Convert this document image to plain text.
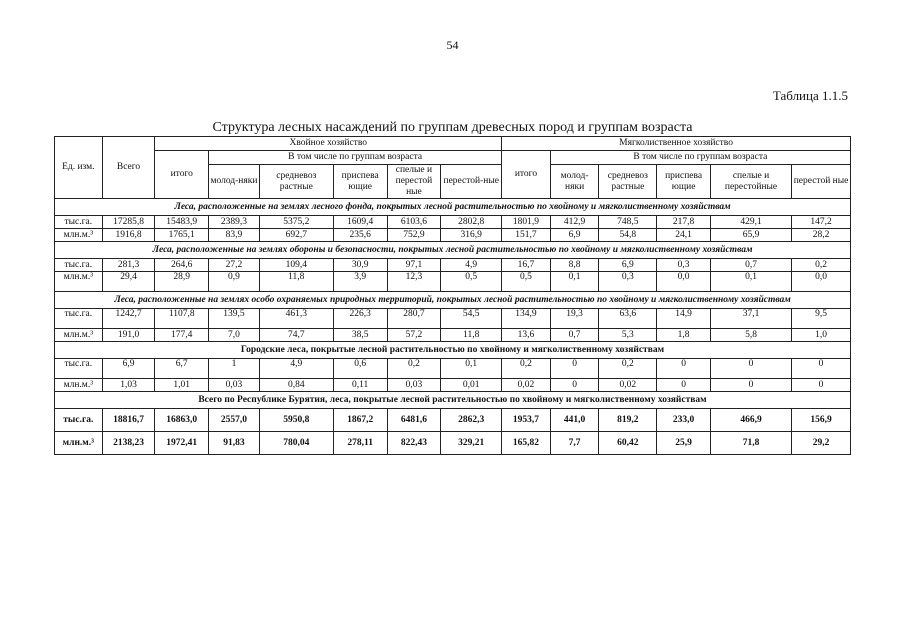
54
Таблица 1.1.5
Структура лесных насаждений по группам древесных пород и группам возраста
Ед. изм.	Всего	Хвойное хозяйство						Мягколиственное хозяйство					
		итого	В том числе по группам возраста					итого	В том числе по группам возраста				
			молод-няки	средневоз растные	приспева ющие	спелые и перестой ные	перестой-ные		молод-няки	средневоз растные	приспева ющие	спелые и перестойные	перестой ные
Леса, расположенные на землях лесного фонда, покрытых лесной растительностью по хвойному и мягколиственному хозяйствам													
тыс.га.	17285,8	15483,9	2389,3	5375,2	1609,4	6103,6	2802,8	1801,9	412,9	748,5	217,8	429,1	147,2
млн.м.³	1916,8	1765,1	83,9	692,7	235,6	752,9	316,9	151,7	6,9	54,8	24,1	65,9	28,2
Леса, расположенные на землях обороны и безопасности, покрытых лесной растительностью по хвойному и мягколиственному хозяйствам													
тыс.га.	281,3	264,6	27,2	109,4	30,9	97,1	4,9	16,7	8,8	6,9	0,3	0,7	0,2
млн.м.³	29,4	28,9	0,9	11,8	3,9	12,3	0,5	0,5	0,1	0,3	0,0	0,1	0,0
Леса, расположенные на землях особо охраняемых природных территорий, покрытых лесной растительностью по хвойному и мягколиственному хозяйствам													
тыс.га.	1242,7	1107,8	139,5	461,3	226,3	280,7	54,5	134,9	19,3	63,6	14,9	37,1	9,5
млн.м.³	191,0	177,4	7,0	74,7	38,5	57,2	11,8	13,6	0,7	5,3	1,8	5,8	1,0
Городские леса, покрытые лесной растительностью по хвойному и мягколиственному хозяйствам													
тыс.га.	6,9	6,7	1	4,9	0,6	0,2	0,1	0,2	0	0,2	0	0	0
млн.м.³	1,03	1,01	0,03	0,84	0,11	0,03	0,01	0,02	0	0,02	0	0	0
Всего по Республике Бурятия, леса, покрытые лесной растительностью по хвойному и мягколиственному хозяйствам													
тыс.га.	18816,7	16863,0	2557,0	5950,8	1867,2	6481,6	2862,3	1953,7	441,0	819,2	233,0	466,9	156,9
млн.м.³	2138,23	1972,41	91,83	780,04	278,11	822,43	329,21	165,82	7,7	60,42	25,9	71,8	29,2
